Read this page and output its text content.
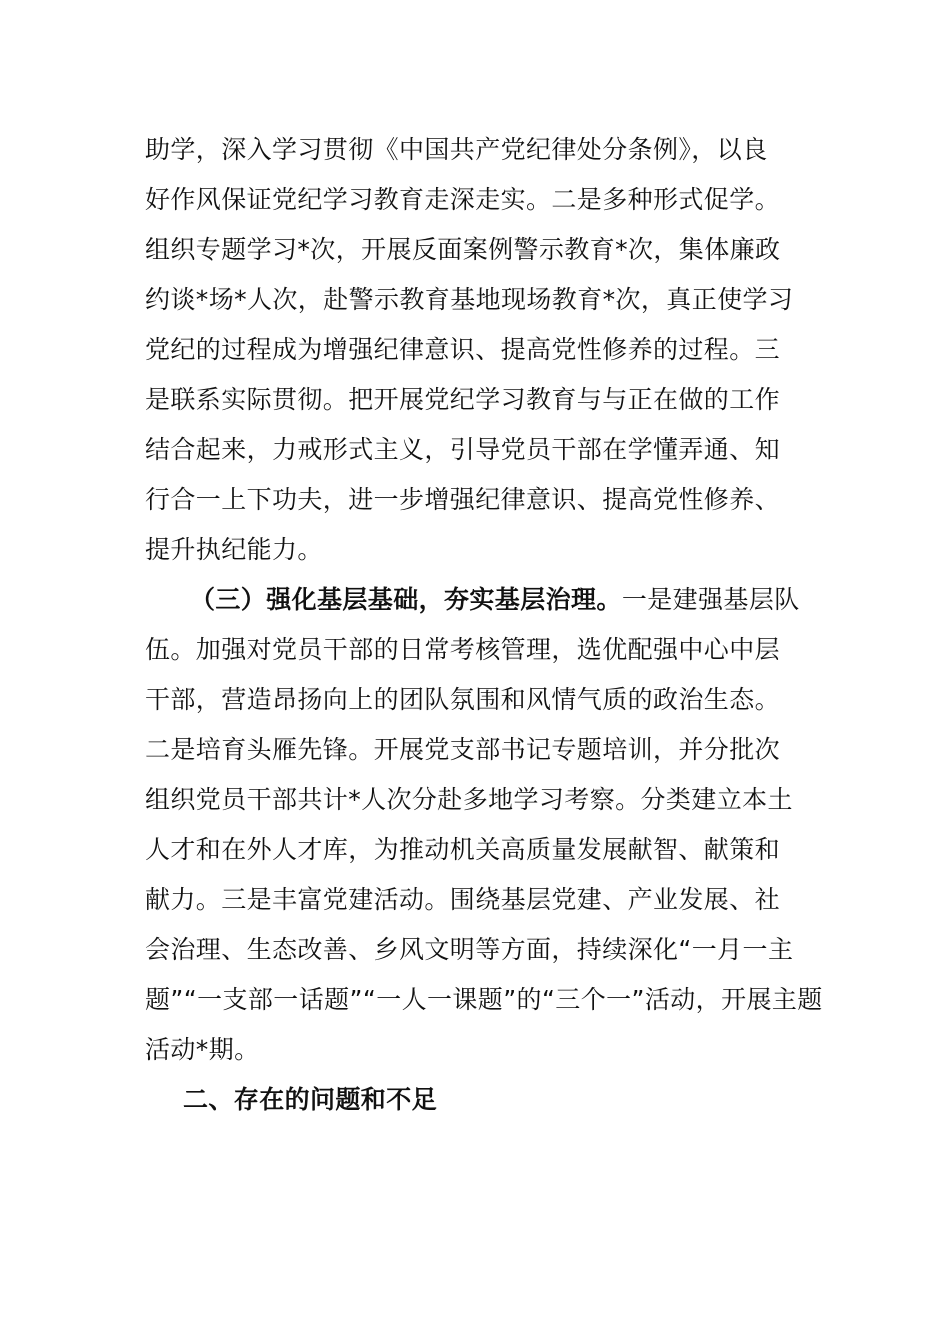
助学，深入学习贯彻《中国共产党纪律处分条例》，以良
好作风保证党纪学习教育走深走实。二是多种形式促学。
组织专题学习*次，开展反面案例警示教育*次，集体廉政
约谈*场*人次，赴警示教育基地现场教育*次，真正使学习
党纪的过程成为增强纪律意识、提高党性修养的过程。三
是联系实际贯彻。把开展党纪学习教育与与正在做的工作
结合起来，力戒形式主义，引导党员干部在学懂弄通、知
行合一上下功夫，进一步增强纪律意识、提高党性修养、
提升执纪能力。
（三）强化基层基础，夯实基层治理。一是建强基层队
伍。加强对党员干部的日常考核管理，选优配强中心中层
干部，营造昂扬向上的团队氛围和风情气质的政治生态。
二是培育头雁先锋。开展党支部书记专题培训，并分批次
组织党员干部共计*人次分赴多地学习考察。分类建立本土
人才和在外人才库，为推动机关高质量发展献智、献策和
献力。三是丰富党建活动。围绕基层党建、产业发展、社
会治理、生态改善、乡风文明等方面，持续深化“一月一主
题”“一支部一话题”“一人一课题”的“三个一”活动，开展主题
活动*期。
二、存在的问题和不足
